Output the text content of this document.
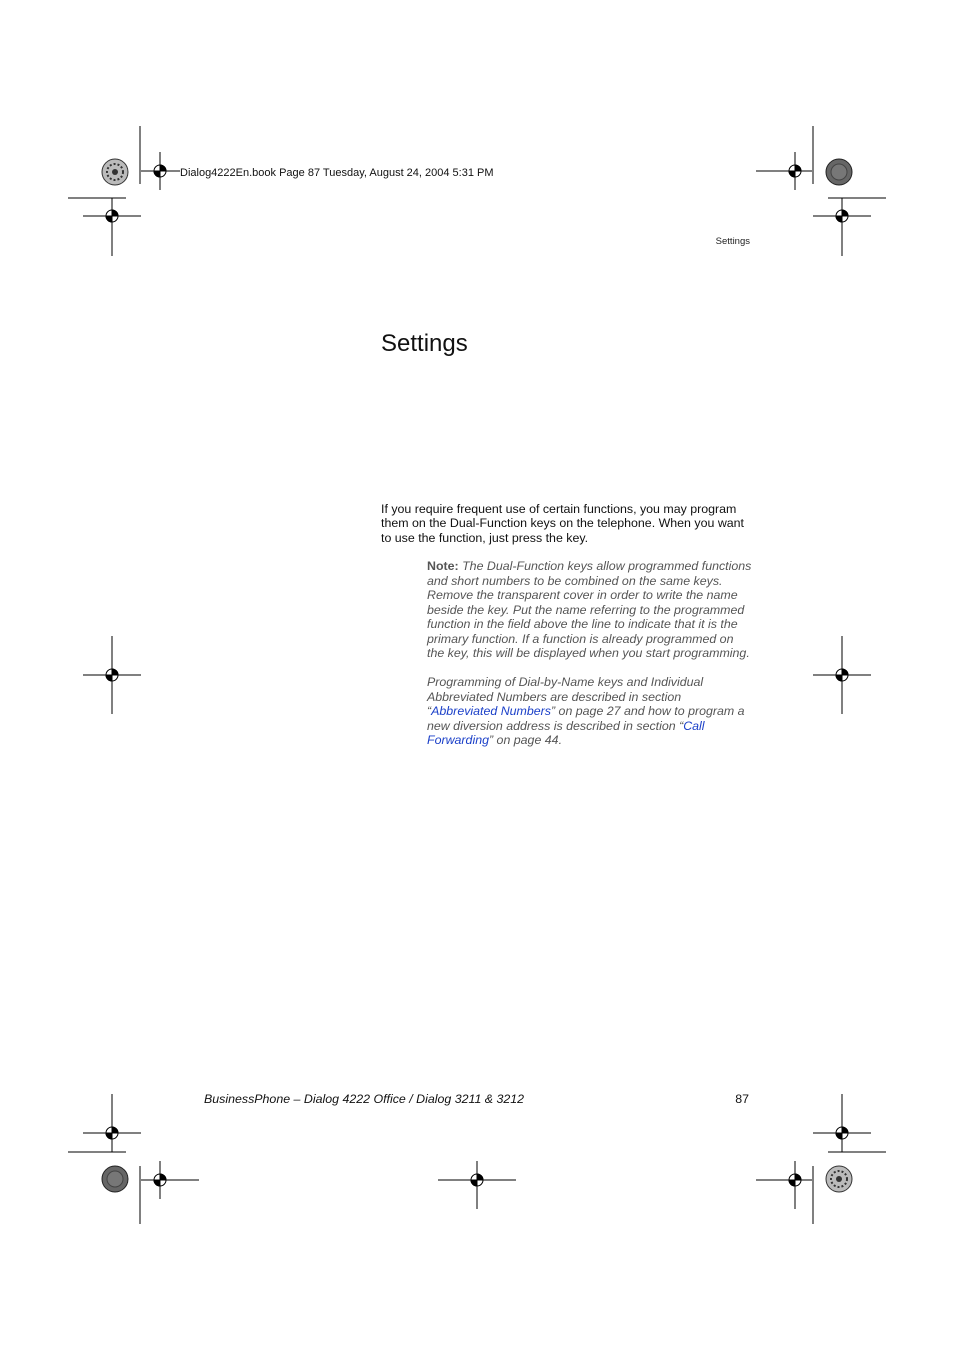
Dialog4222En.book Page 87 Tuesday, August 24, 2004 5:31 PM
Settings
Settings

If you require frequent use of certain functions, you may program them on the Dual-Function keys on the telephone. When you want to use the function, just press the key.

Note: The Dual-Function keys allow programmed functions and short numbers to be combined on the same keys. Remove the transparent cover in order to write the name beside the key. Put the name referring to the programmed function in the field above the line to indicate that it is the primary function. If a function is already programmed on the key, this will be displayed when you start programming.

Programming of Dial-by-Name keys and Individual Abbreviated Numbers are described in section “Abbreviated Numbers” on page 27 and how to program a new diversion address is described in section “Call Forwarding” on page 44.

BusinessPhone – Dialog 4222 Office / Dialog 3211 & 3212	87
